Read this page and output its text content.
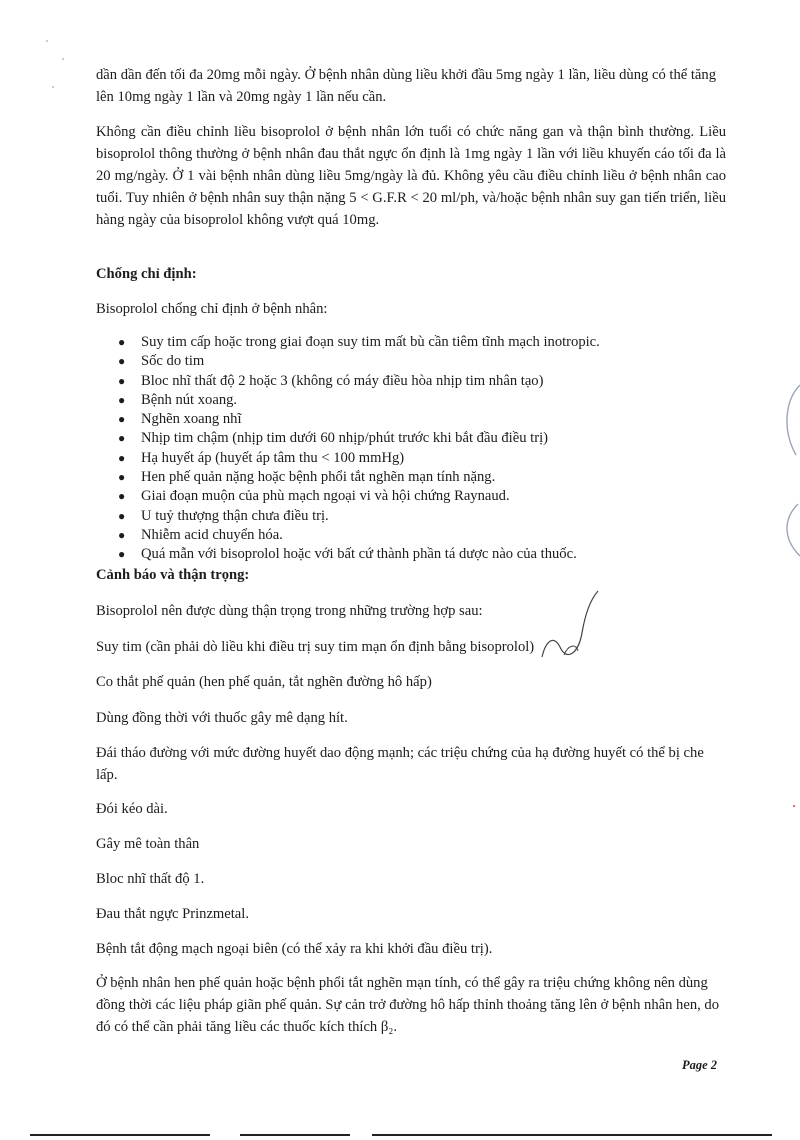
dần dần đến tối đa 20mg mỗi ngày. Ở bệnh nhân dùng liều khởi đầu 5mg ngày 1 lần, liều dùng có thể tăng lên 10mg ngày 1 lần và 20mg ngày 1 lần nếu cần.

Không cần điều chỉnh liều bisoprolol ở bệnh nhân lớn tuổi có chức năng gan và thận bình thường. Liều bisoprolol thông thường ở bệnh nhân đau thắt ngực ổn định là 1mg ngày 1 lần với liều khuyến cáo tối đa là 20 mg/ngày. Ở 1 vài bệnh nhân dùng liều 5mg/ngày là đủ. Không yêu cầu điều chỉnh liều ở bệnh nhân cao tuổi. Tuy nhiên ở bệnh nhân suy thận nặng 5 < G.F.R < 20 ml/ph, và/hoặc bệnh nhân suy gan tiến triển, liều hàng ngày của bisoprolol không vượt quá 10mg.

Chống chỉ định:

Bisoprolol chống chỉ định ở bệnh nhân:

● Suy tim cấp hoặc trong giai đoạn suy tim mất bù cần tiêm tĩnh mạch inotropic.
● Sốc do tim
● Bloc nhĩ thất độ 2 hoặc 3 (không có máy điều hòa nhịp tim nhân tạo)
● Bệnh nút xoang.
● Nghẽn xoang nhĩ
● Nhịp tim chậm (nhịp tim dưới 60 nhịp/phút trước khi bắt đầu điều trị)
● Hạ huyết áp (huyết áp tâm thu < 100 mmHg)
● Hen phế quản nặng hoặc bệnh phổi tắt nghẽn mạn tính nặng.
● Giai đoạn muộn của phù mạch ngoại vi và hội chứng Raynaud.
● U tuỷ thượng thận chưa điều trị.
● Nhiễm acid chuyển hóa.
● Quá mẫn với bisoprolol hoặc với bất cứ thành phần tá dược nào của thuốc.

Cảnh báo và thận trọng:

Bisoprolol nên được dùng thận trọng trong những trường hợp sau:

Suy tim (cần phải dò liều khi điều trị suy tim mạn ổn định bằng bisoprolol)

Co thắt phế quản (hen phế quản, tắt nghẽn đường hô hấp)

Dùng đồng thời với thuốc gây mê dạng hít.

Đái tháo đường với mức đường huyết dao động mạnh; các triệu chứng của hạ đường huyết có thể bị che lấp.

Đói kéo dài.

Gây mê toàn thân

Bloc nhĩ thất độ 1.

Đau thắt ngực Prinzmetal.

Bệnh tắt động mạch ngoại biên (có thể xảy ra khi khởi đầu điều trị).

Ở bệnh nhân hen phế quản hoặc bệnh phổi tắt nghẽn mạn tính, có thể gây ra triệu chứng không nên dùng đồng thời các liệu pháp giãn phế quản. Sự cản trở đường hô hấp thỉnh thoảng tăng lên ở bệnh nhân hen, do đó có thể cần phải tăng liều các thuốc kích thích β₂.

Page 2
